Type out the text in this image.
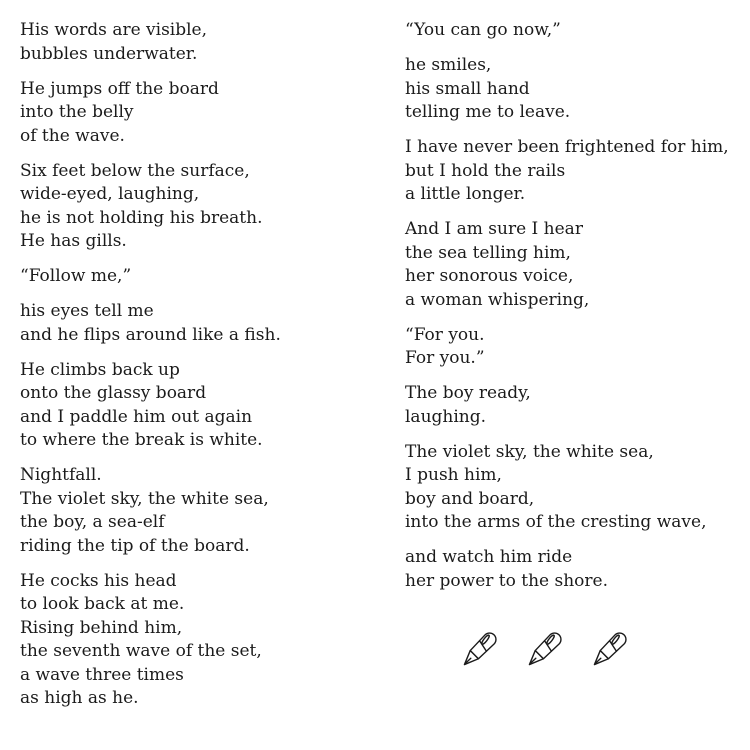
His words are visible,
bubbles underwater.
He jumps off the board
into the belly
of the wave.
Six feet below the surface,
wide-eyed, laughing,
he is not holding his breath.
He has gills.
“Follow me,”
his eyes tell me
and he flips around like a fish.
He climbs back up
onto the glassy board
and I paddle him out again
to where the break is white.
Nightfall.
The violet sky, the white sea,
the boy, a sea-elf
riding the tip of the board.
He cocks his head
to look back at me.
Rising behind him,
the seventh wave of the set,
a wave three times
as high as he.
“You can go now,”
he smiles,
his small hand
telling me to leave.
I have never been frightened for him,
but I hold the rails
a little longer.
And I am sure I hear
the sea telling him,
her sonorous voice,
a woman whispering,
“For you.
For you.”
The boy ready,
laughing.
The violet sky, the white sea,
I push him,
boy and board,
into the arms of the cresting wave,
and watch him ride
her power to the shore.
